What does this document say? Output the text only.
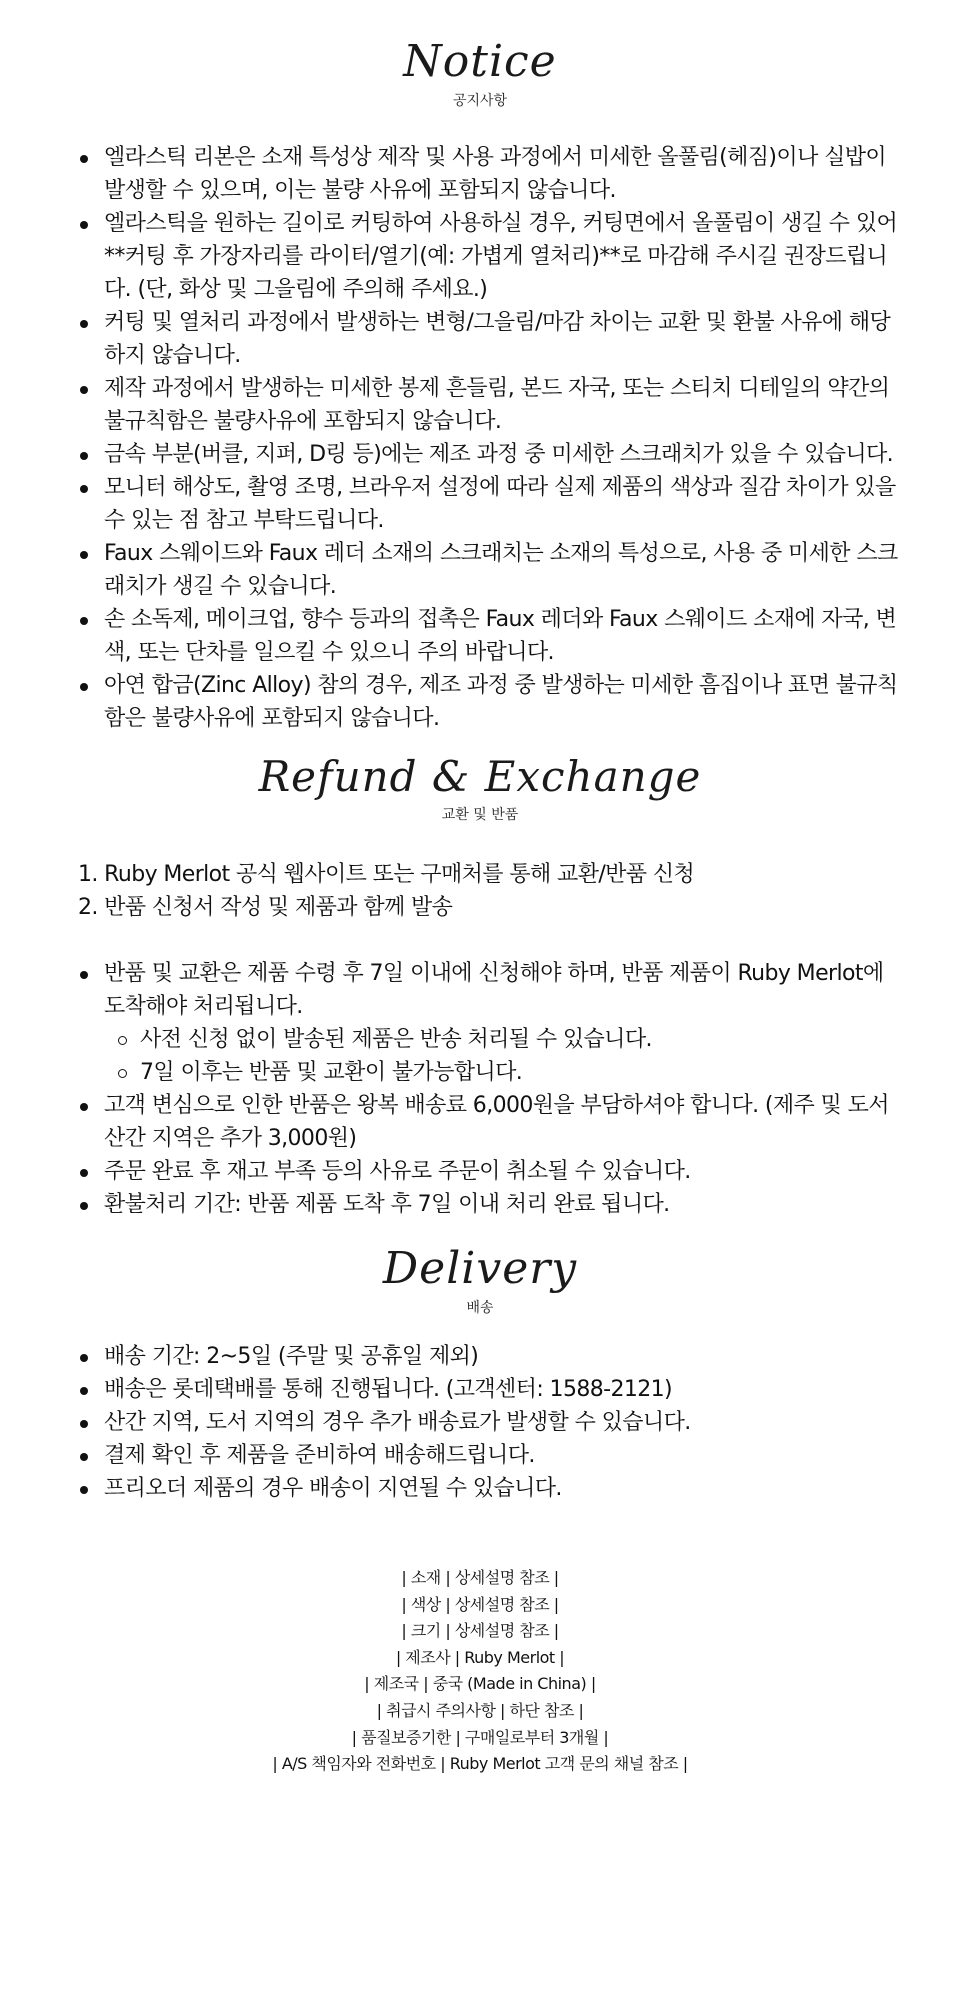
Notice
공지사항
엘라스틱 리본은 소재 특성상 제작 및 사용 과정에서 미세한 올풀림(헤짐)이나 실밥이 발생할 수 있으며, 이는 불량 사유에 포함되지 않습니다.
엘라스틱을 원하는 길이로 커팅하여 사용하실 경우, 커팅면에서 올풀림이 생길 수 있어 **커팅 후 가장자리를 라이터/열기(예: 가볍게 열처리)**로 마감해 주시길 권장드립니다. (단, 화상 및 그을림에 주의해 주세요.)
커팅 및 열처리 과정에서 발생하는 변형/그을림/마감 차이는 교환 및 환불 사유에 해당하지 않습니다.
제작 과정에서 발생하는 미세한 봉제 흔들림, 본드 자국, 또는 스티치 디테일의 약간의 불규칙함은 불량사유에 포함되지 않습니다.
금속 부분(버클, 지퍼, D링 등)에는 제조 과정 중 미세한 스크래치가 있을 수 있습니다.
모니터 해상도, 촬영 조명, 브라우저 설정에 따라 실제 제품의 색상과 질감 차이가 있을 수 있는 점 참고 부탁드립니다.
Faux 스웨이드와 Faux 레더 소재의 스크래치는 소재의 특성으로, 사용 중 미세한 스크래치가 생길 수 있습니다.
손 소독제, 메이크업, 향수 등과의 접촉은 Faux 레더와 Faux 스웨이드 소재에 자국, 변색, 또는 단차를 일으킬 수 있으니 주의 바랍니다.
아연 합금(Zinc Alloy) 참의 경우, 제조 과정 중 발생하는 미세한 흠집이나 표면 불규칙함은 불량사유에 포함되지 않습니다.
Refund & Exchange
교환 및 반품
1. Ruby Merlot 공식 웹사이트 또는 구매처를 통해 교환/반품 신청
2. 반품 신청서 작성 및 제품과 함께 발송
반품 및 교환은 제품 수령 후 7일 이내에 신청해야 하며, 반품 제품이 Ruby Merlot에 도착해야 처리됩니다.
사전 신청 없이 발송된 제품은 반송 처리될 수 있습니다.
7일 이후는 반품 및 교환이 불가능합니다.
고객 변심으로 인한 반품은 왕복 배송료 6,000원을 부담하셔야 합니다. (제주 및 도서산간 지역은 추가 3,000원)
주문 완료 후 재고 부족 등의 사유로 주문이 취소될 수 있습니다.
환불처리 기간: 반품 제품 도착 후 7일 이내 처리 완료 됩니다.
Delivery
배송
배송 기간: 2~5일 (주말 및 공휴일 제외)
배송은 롯데택배를 통해 진행됩니다. (고객센터: 1588-2121)
산간 지역, 도서 지역의 경우 추가 배송료가 발생할 수 있습니다.
결제 확인 후 제품을 준비하여 배송해드립니다.
프리오더 제품의 경우 배송이 지연될 수 있습니다.
| 소재 | 상세설명 참조 |
| 색상 | 상세설명 참조 |
| 크기 | 상세설명 참조 |
| 제조사 | Ruby Merlot |
| 제조국 | 중국 (Made in China) |
| 취급시 주의사항 | 하단 참조 |
| 품질보증기한 | 구매일로부터 3개월 |
| A/S 책임자와 전화번호 | Ruby Merlot 고객 문의 채널 참조 |
